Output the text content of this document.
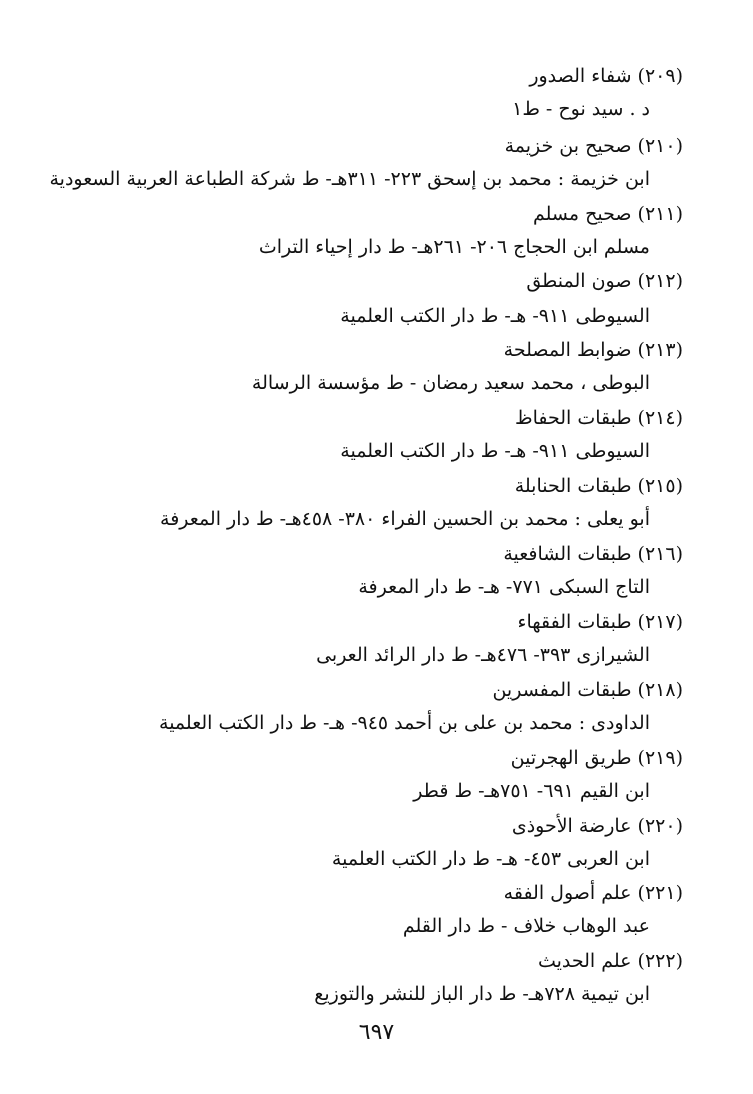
(٢٠٩) شفاء الصدور
د . سيد نوح - ط١
(٢١٠) صحيح بن خزيمة
ابن خزيمة : محمد بن إسحق ٢٢٣- ٣١١هـ- ط شركة الطباعة العربية السعودية
(٢١١) صحيح مسلم
مسلم ابن الحجاج ٢٠٦- ٢٦١هـ- ط دار إحياء التراث
(٢١٢) صون المنطق
السيوطى ٩١١- هـ- ط دار الكتب العلمية
(٢١٣) ضوابط المصلحة
البوطى ، محمد سعيد رمضان - ط مؤسسة الرسالة
(٢١٤) طبقات الحفاظ
السيوطى ٩١١- هـ- ط دار الكتب العلمية
(٢١٥) طبقات الحنابلة
أبو يعلى : محمد بن الحسين الفراء ٣٨٠- ٤٥٨هـ- ط دار المعرفة
(٢١٦) طبقات الشافعية
التاج السبكى ٧٧١- هـ- ط دار المعرفة
(٢١٧) طبقات الفقهاء
الشيرازى ٣٩٣- ٤٧٦هـ- ط دار الرائد العربى
(٢١٨) طبقات المفسرين
الداودى : محمد بن على بن أحمد ٩٤٥- هـ- ط دار الكتب العلمية
(٢١٩) طريق الهجرتين
ابن القيم ٦٩١- ٧٥١هـ- ط قطر
(٢٢٠) عارضة الأحوذى
ابن العربى ٤٥٣- هـ- ط دار الكتب العلمية
(٢٢١) علم أصول الفقه
عبد الوهاب خلاف - ط دار القلم
(٢٢٢) علم الحديث
ابن تيمية ٧٢٨هـ- ط دار الباز للنشر والتوزيع
٦٩٧
